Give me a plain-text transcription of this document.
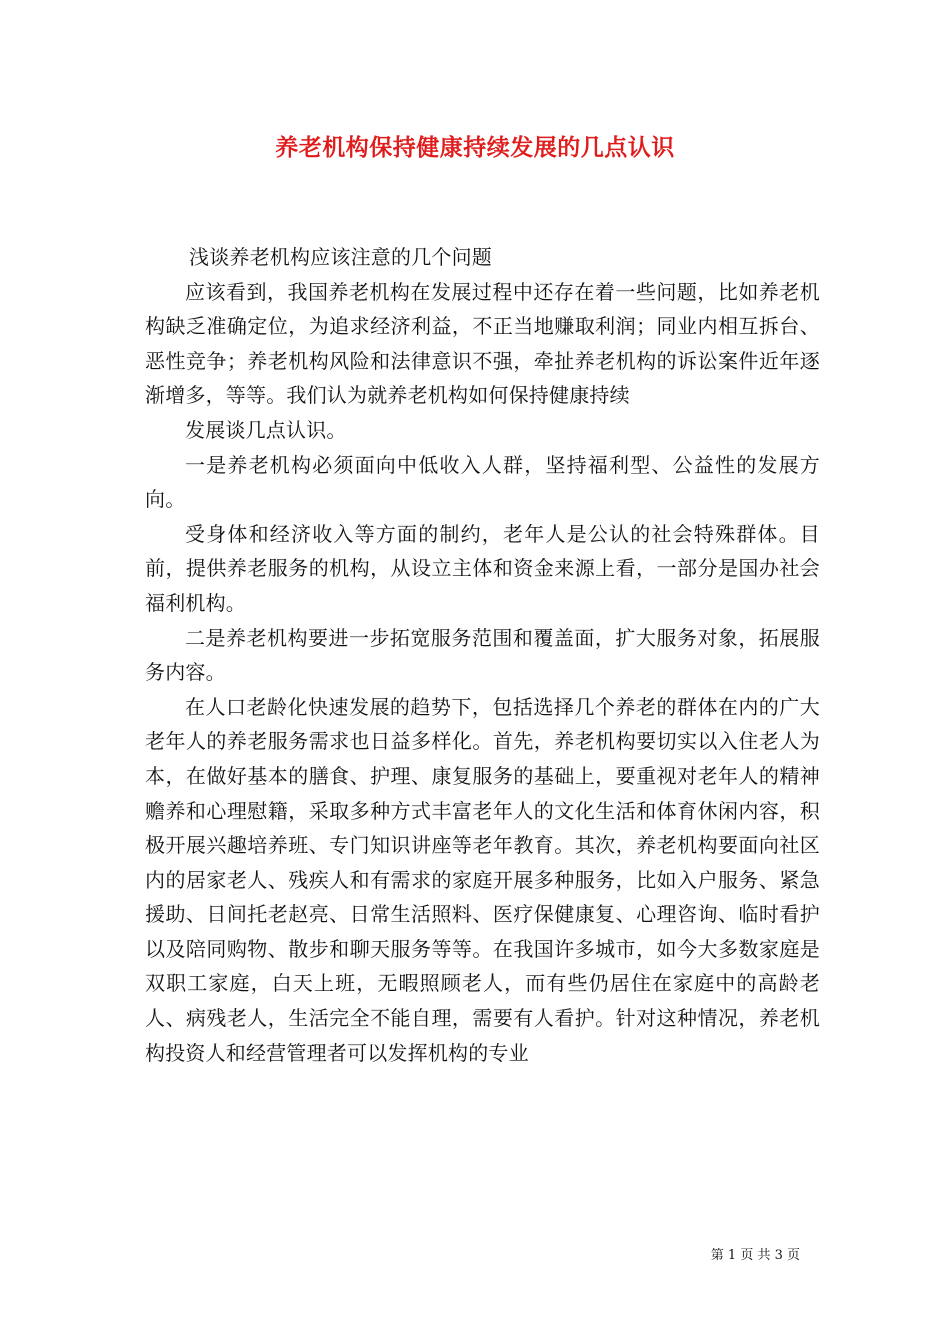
养老机构保持健康持续发展的几点认识

浅谈养老机构应该注意的几个问题

应该看到，我国养老机构在发展过程中还存在着一些问题，比如养老机构缺乏准确定位，为追求经济利益，不正当地赚取利润；同业内相互拆台、恶性竞争；养老机构风险和法律意识不强，牵扯养老机构的诉讼案件近年逐渐增多，等等。我们认为就养老机构如何保持健康持续

发展谈几点认识。

一是养老机构必须面向中低收入人群，坚持福利型、公益性的发展方向。

受身体和经济收入等方面的制约，老年人是公认的社会特殊群体。目前，提供养老服务的机构，从设立主体和资金来源上看，一部分是国办社会福利机构。

二是养老机构要进一步拓宽服务范围和覆盖面，扩大服务对象，拓展服务内容。

在人口老龄化快速发展的趋势下，包括选择几个养老的群体在内的广大老年人的养老服务需求也日益多样化。首先，养老机构要切实以入住老人为本，在做好基本的膳食、护理、康复服务的基础上，要重视对老年人的精神赡养和心理慰籍，采取多种方式丰富老年人的文化生活和体育休闲内容，积极开展兴趣培养班、专门知识讲座等老年教育。其次，养老机构要面向社区内的居家老人、残疾人和有需求的家庭开展多种服务，比如入户服务、紧急援助、日间托老赵亮、日常生活照料、医疗保健康复、心理咨询、临时看护以及陪同购物、散步和聊天服务等等。在我国许多城市，如今大多数家庭是双职工家庭，白天上班，无暇照顾老人，而有些仍居住在家庭中的高龄老人、病残老人，生活完全不能自理，需要有人看护。针对这种情况，养老机构投资人和经营管理者可以发挥机构的专业

第 1 页 共 3 页
